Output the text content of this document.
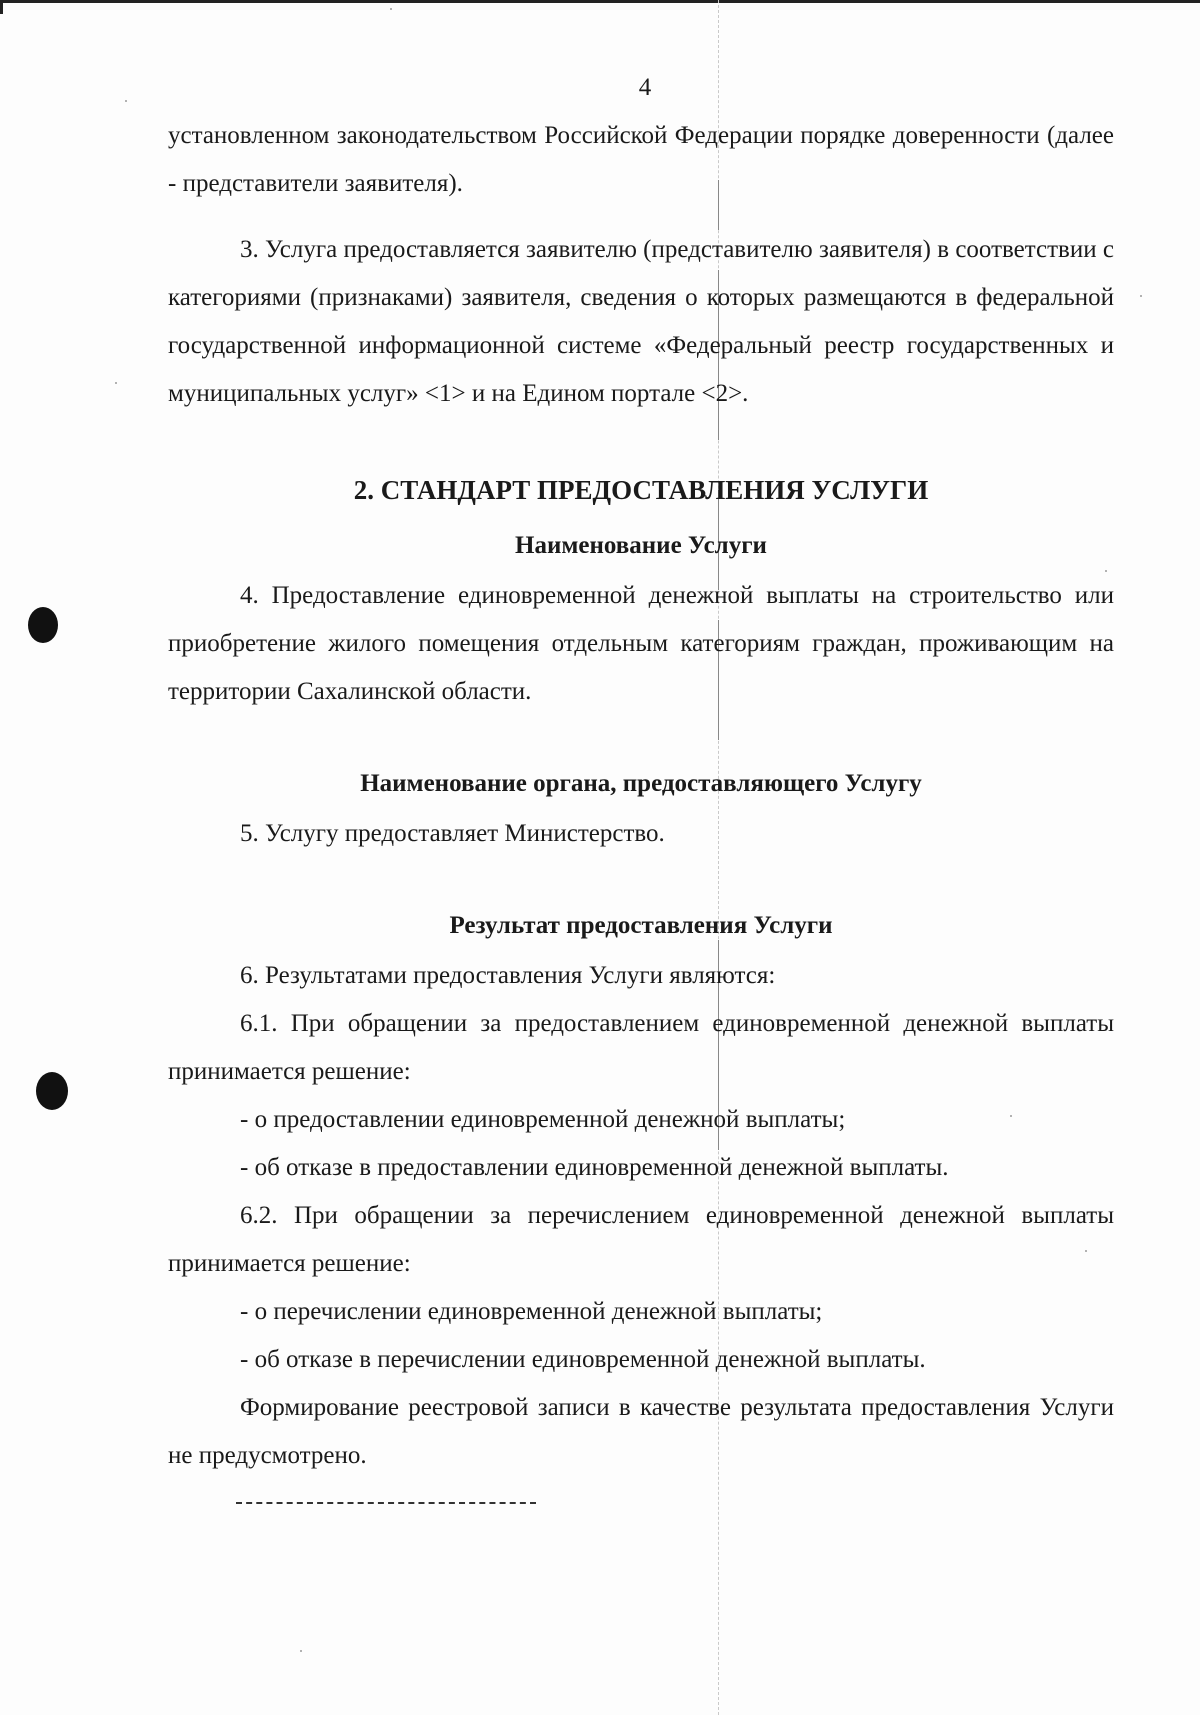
4

установленном законодательством Российской Федерации порядке доверенности (далее - представители заявителя).

3. Услуга предоставляется заявителю (представителю заявителя) в соответствии с категориями (признаками) заявителя, сведения о которых размещаются в федеральной государственной информационной системе «Федеральный реестр государственных и муниципальных услуг» <1> и на Едином портале <2>.

2. СТАНДАРТ ПРЕДОСТАВЛЕНИЯ УСЛУГИ
Наименование Услуги

4. Предоставление единовременной денежной выплаты на строительство или приобретение жилого помещения отдельным категориям граждан, проживающим на территории Сахалинской области.

Наименование органа, предоставляющего Услугу

5. Услугу предоставляет Министерство.

Результат предоставления Услуги

6. Результатами предоставления Услуги являются:

6.1. При обращении за предоставлением единовременной денежной выплаты принимается решение:

- о предоставлении единовременной денежной выплаты;

- об отказе в предоставлении единовременной денежной выплаты.

6.2. При обращении за перечислением единовременной денежной выплаты принимается решение:

- о перечислении единовременной денежной выплаты;

- об отказе в перечислении единовременной денежной выплаты.

Формирование реестровой записи в качестве результата предоставления Услуги не предусмотрено.
